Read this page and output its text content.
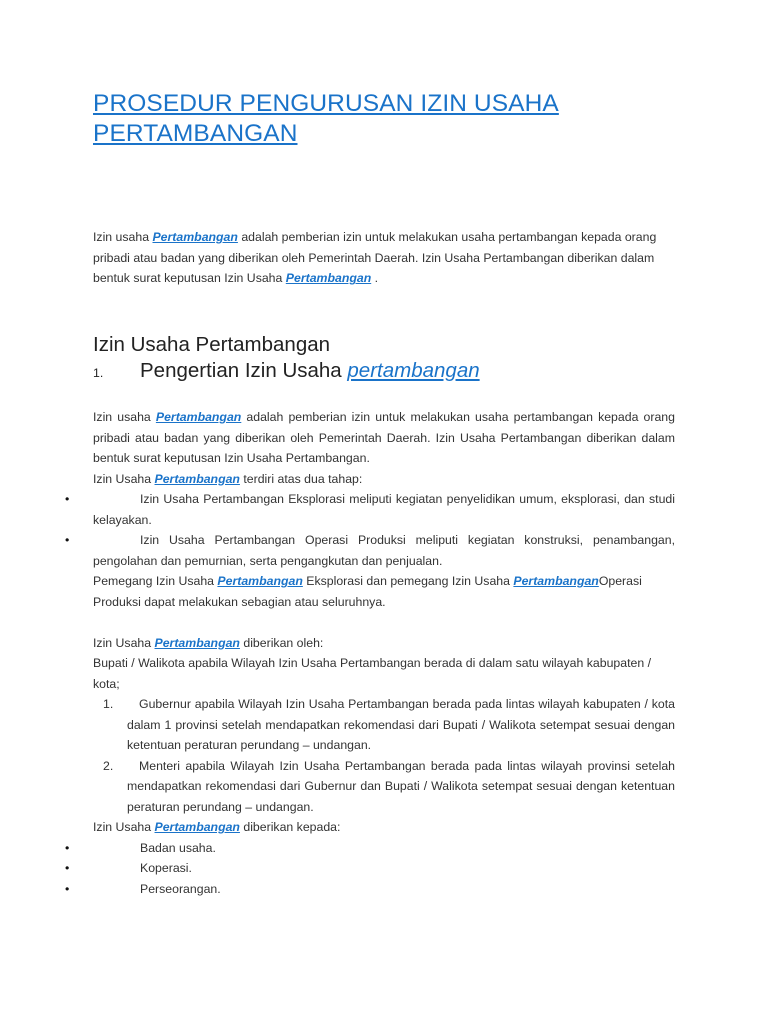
PROSEDUR PENGURUSAN IZIN USAHA PERTAMBANGAN

Izin usaha Pertambangan adalah pemberian izin untuk melakukan usaha pertambangan kepada orang pribadi atau badan yang diberikan oleh Pemerintah Daerah. Izin Usaha Pertambangan diberikan dalam bentuk surat keputusan Izin Usaha Pertambangan .

Izin Usaha Pertambangan
1. Pengertian Izin Usaha pertambangan

Izin usaha Pertambangan adalah pemberian izin untuk melakukan usaha pertambangan kepada orang pribadi atau badan yang diberikan oleh Pemerintah Daerah. Izin Usaha Pertambangan diberikan dalam bentuk surat keputusan Izin Usaha Pertambangan.

Izin Usaha Pertambangan terdiri atas dua tahap:

•	Izin Usaha Pertambangan Eksplorasi meliputi kegiatan penyelidikan umum, eksplorasi, dan studi kelayakan.

•	Izin Usaha Pertambangan Operasi Produksi meliputi kegiatan konstruksi, penambangan, pengolahan dan pemurnian, serta pengangkutan dan penjualan.

Pemegang Izin Usaha Pertambangan Eksplorasi dan pemegang Izin Usaha PertambanganOperasi Produksi dapat melakukan sebagian atau seluruhnya.

Izin Usaha Pertambangan diberikan oleh:

Bupati / Walikota apabila Wilayah Izin Usaha Pertambangan berada di dalam satu wilayah kabupaten / kota;

1. Gubernur apabila Wilayah Izin Usaha Pertambangan berada pada lintas wilayah kabupaten / kota dalam 1 provinsi setelah mendapatkan rekomendasi dari Bupati / Walikota setempat sesuai dengan ketentuan peraturan perundang – undangan.

2. Menteri apabila Wilayah Izin Usaha Pertambangan berada pada lintas wilayah provinsi setelah mendapatkan rekomendasi dari Gubernur dan Bupati / Walikota setempat sesuai dengan ketentuan peraturan perundang – undangan.

Izin Usaha Pertambangan diberikan kepada:

•	Badan usaha.

•	Koperasi.

•	Perseorangan.
